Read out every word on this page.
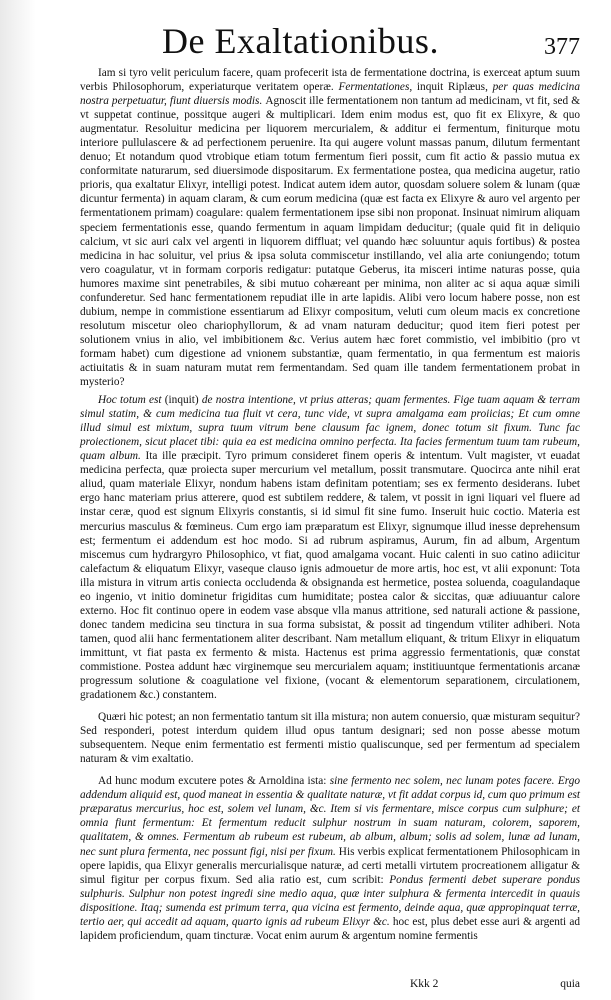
De Exaltationibus.	377

Iam si tyro velit periculum facere, quam profecerit ista de fermentatione doctrina, is exerceat aptum suum verbis Philosophorum, experiaturque veritatem operæ. Fermentationes, inquit Riplæus, per quas medicina nostra perpetuatur, fiunt diuersis modis. Agnoscit ille fermentationem non tantum ad medicinam, vt fit, sed & vt suppetat continue, possitque augeri & multiplicari. Idem enim modus est, quo fit ex Elixyre, & quo augmentatur. Resoluitur medicina per liquorem mercurialem, & additur ei fermentum, finiturque motu interiore pullulascere & ad perfectionem peruenire. Ita qui augere volunt massas panum, dilutum fermentant denuo; Et notandum quod vtrobique etiam totum fermentum fieri possit, cum fit actio & passio mutua ex conformitate naturarum, sed diuersimode dispositarum. Ex fermentatione postea, qua medicina augetur, ratio prioris, qua exaltatur Elixyr, intelligi potest. Indicat autem idem autor, quosdam soluere solem & lunam (quæ dicuntur fermenta) in aquam claram, & cum eorum medicina (quæ est facta ex Elixyre & auro vel argento per fermentationem primam) coagulare: qualem fermentationem ipse sibi non proponat. Insinuat nimirum aliquam speciem fermentationis esse, quando fermentum in aquam limpidam deducitur; (quale quid fit in deliquio calcium, vt sic auri calx vel argenti in liquorem diffluat; vel quando hæc soluuntur aquis fortibus) & postea medicina in hac soluitur, vel prius & ipsa soluta commiscetur instillando, vel alia arte coniungendo; totum vero coagulatur, vt in formam corporis redigatur: putatque Geberus, ita misceri intime naturas posse, quia humores maxime sint penetrabiles, & sibi mutuo cohæreant per minima, non aliter ac si aqua aquæ simili confunderetur. Sed hanc fermentationem repudiat ille in arte lapidis. Alibi vero locum habere posse, non est dubium, nempe in commistione essentiarum ad Elixyr compositum, veluti cum oleum macis ex concretione resolutum miscetur oleo chariophyllorum, & ad vnam naturam deducitur; quod item fieri potest per solutionem vnius in alio, vel imbibitionem &c. Verius autem hæc foret commistio, vel imbibitio (pro vt formam habet) cum digestione ad vnionem substantiæ, quam fermentatio, in qua fermentum est maioris actiuitatis & in suam naturam mutat rem fermentandam. Sed quam ille tandem fermentationem probat in mysterio?

Hoc totum est (inquit) de nostra intentione, vt prius atteras; quam fermentes. Fige tuam aquam & terram simul statim, & cum medicina tua fluit vt cera, tunc vide, vt supra amalgama eam proiicias; Et cum omne illud simul est mixtum, supra tuum vitrum bene clausum fac ignem, donec totum sit fixum. Tunc fac proiectionem, sicut placet tibi: quia ea est medicina omnino perfecta. Ita facies fermentum tuum tam rubeum, quam album. Ita ille præcipit. Tyro primum consideret finem operis & intentum. Vult magister, vt euadat medicina perfecta, quæ proiecta super mercurium vel metallum, possit transmutare. Quocirca ante nihil erat aliud, quam materiale Elixyr, nondum habens istam definitam potentiam; ses ex fermento desiderans. Iubet ergo hanc materiam prius atterere, quod est subtilem reddere, & talem, vt possit in igni liquari vel fluere ad instar ceræ, quod est signum Elixyris constantis, si id simul fit sine fumo. Inseruit huic coctio. Materia est mercurius masculus & fœmineus. Cum ergo iam præparatum est Elixyr, signumque illud inesse deprehensum est; fermentum ei addendum est hoc modo. Si ad rubrum aspiramus, Aurum, fin ad album, Argentum miscemus cum hydrargyro Philosophico, vt fiat, quod amalgama vocant. Huic calenti in suo catino adiicitur calefactum & eliquatum Elixyr, vaseque clauso ignis admouetur de more artis, hoc est, vt alii exponunt: Tota illa mistura in vitrum artis coniecta occludenda & obsignanda est hermetice, postea soluenda, coagulandaque eo ingenio, vt initio dominetur frigiditas cum humiditate; postea calor & siccitas, quæ adiuuantur calore externo. Hoc fit continuo opere in eodem vase absque vlla manus attritione, sed naturali actione & passione, donec tandem medicina seu tinctura in sua forma subsistat, & possit ad tingendum vtiliter adhiberi. Nota tamen, quod alii hanc fermentationem aliter describant. Nam metallum eliquant, & tritum Elixyr in eliquatum immittunt, vt fiat pasta ex fermento & mista. Hactenus est prima aggressio fermentationis, quæ constat commistione. Postea addunt hæc virginemque seu mercurialem aquam; institiuuntque fermentationis arcanæ progressum solutione & coagulatione vel fixione, (vocant & elementorum separationem, circulationem, gradationem &c.) constantem.

Quæri hic potest; an non fermentatio tantum sit illa mistura; non autem conuersio, quæ misturam sequitur? Sed responderi, potest interdum quidem illud opus tantum designari; sed non posse abesse motum subsequentem. Neque enim fermentatio est fermenti mistio qualiscunque, sed per fermentum ad specialem naturam & vim exaltatio.

Ad hunc modum excutere potes & Arnoldina ista: sine fermento nec solem, nec lunam potes facere. Ergo addendum aliquid est, quod maneat in essentia & qualitate naturæ, vt fit addat corpus id, cum quo primum est præparatus mercurius, hoc est, solem vel lunam, &c. Item si vis fermentare, misce corpus cum sulphure; et omnia fiunt fermentum: Et fermentum reducit sulphur nostrum in suam naturam, colorem, saporem, qualitatem, & omnes. Fermentum ab rubeum est rubeum, ab album, album; solis ad solem, lunæ ad lunam, nec sunt plura fermenta, nec possunt figi, nisi per fixum. His verbis explicat fermentationem Philosophicam in opere lapidis, qua Elixyr generalis mercurialisque naturæ, ad certi metalli virtutem procreationem alligatur & simul figitur per corpus fixum. Sed alia ratio est, cum scribit: Pondus fermenti debet superare pondus sulphuris. Sulphur non potest ingredi sine medio aqua, quæ inter sulphura & fermenta intercedit in quauis dispositione. Itaq; sumenda est primum terra, qua vicina est fermento, deinde aqua, quæ appropinquat terræ, tertio aer, qui accedit ad aquam, quarto ignis ad rubeum Elixyr &c. hoc est, plus debet esse auri & argenti ad lapidem proficiendum, quam tincturæ. Vocat enim aurum & argentum nomine fermentis

Kkk 2	quia
